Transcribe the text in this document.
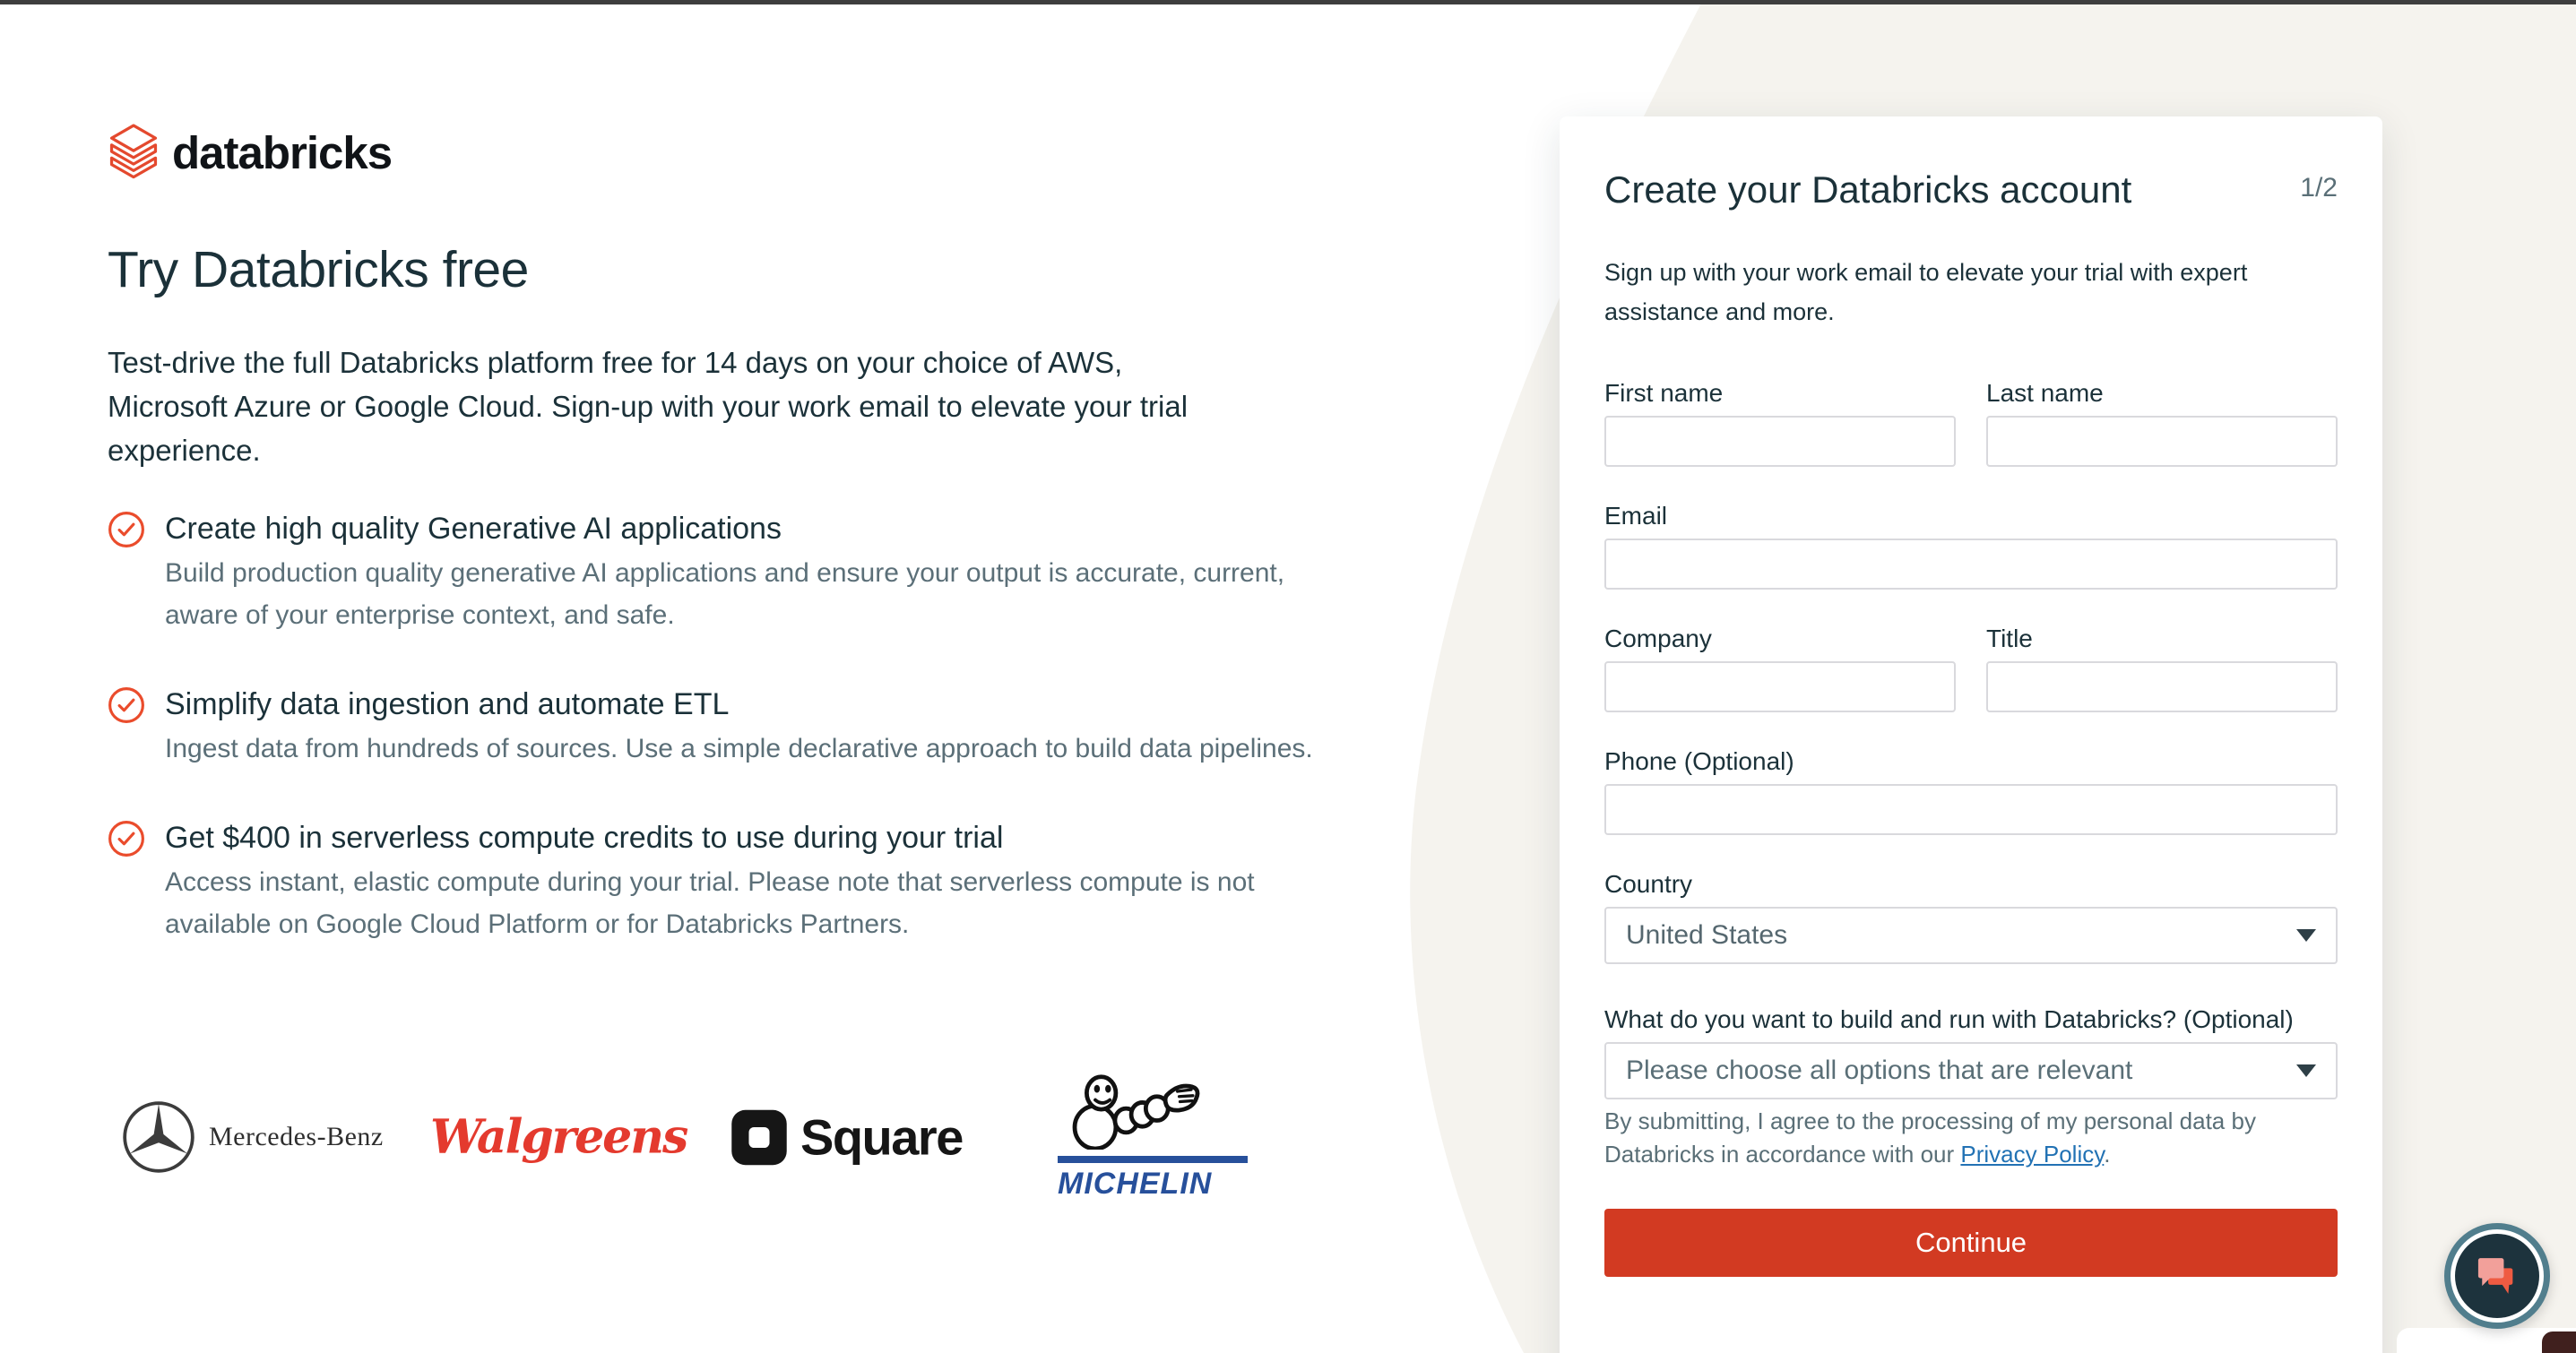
databricks
Try Databricks free

Test-drive the full Databricks platform free for 14 days on your choice of AWS, Microsoft Azure or Google Cloud. Sign-up with your work email to elevate your trial experience.

Create high quality Generative AI applications
Build production quality generative AI applications and ensure your output is accurate, current, aware of your enterprise context, and safe.
Simplify data ingestion and automate ETL
Ingest data from hundreds of sources. Use a simple declarative approach to build data pipelines.
Get $400 in serverless compute credits to use during your trial
Access instant, elastic compute during your trial. Please note that serverless compute is not available on Google Cloud Platform or for Databricks Partners.
Mercedes-Benz Walgreens Square
MICHELIN
Create your Databricks account	1/2
Sign up with your work email to elevate your trial with expert assistance and more.
First name	Last name
Email
Company	Title
Phone (Optional)
Country
United States
What do you want to build and run with Databricks? (Optional)
Please choose all options that are relevant
By submitting, I agree to the processing of my personal data by Databricks in accordance with our Privacy Policy.
Continue
